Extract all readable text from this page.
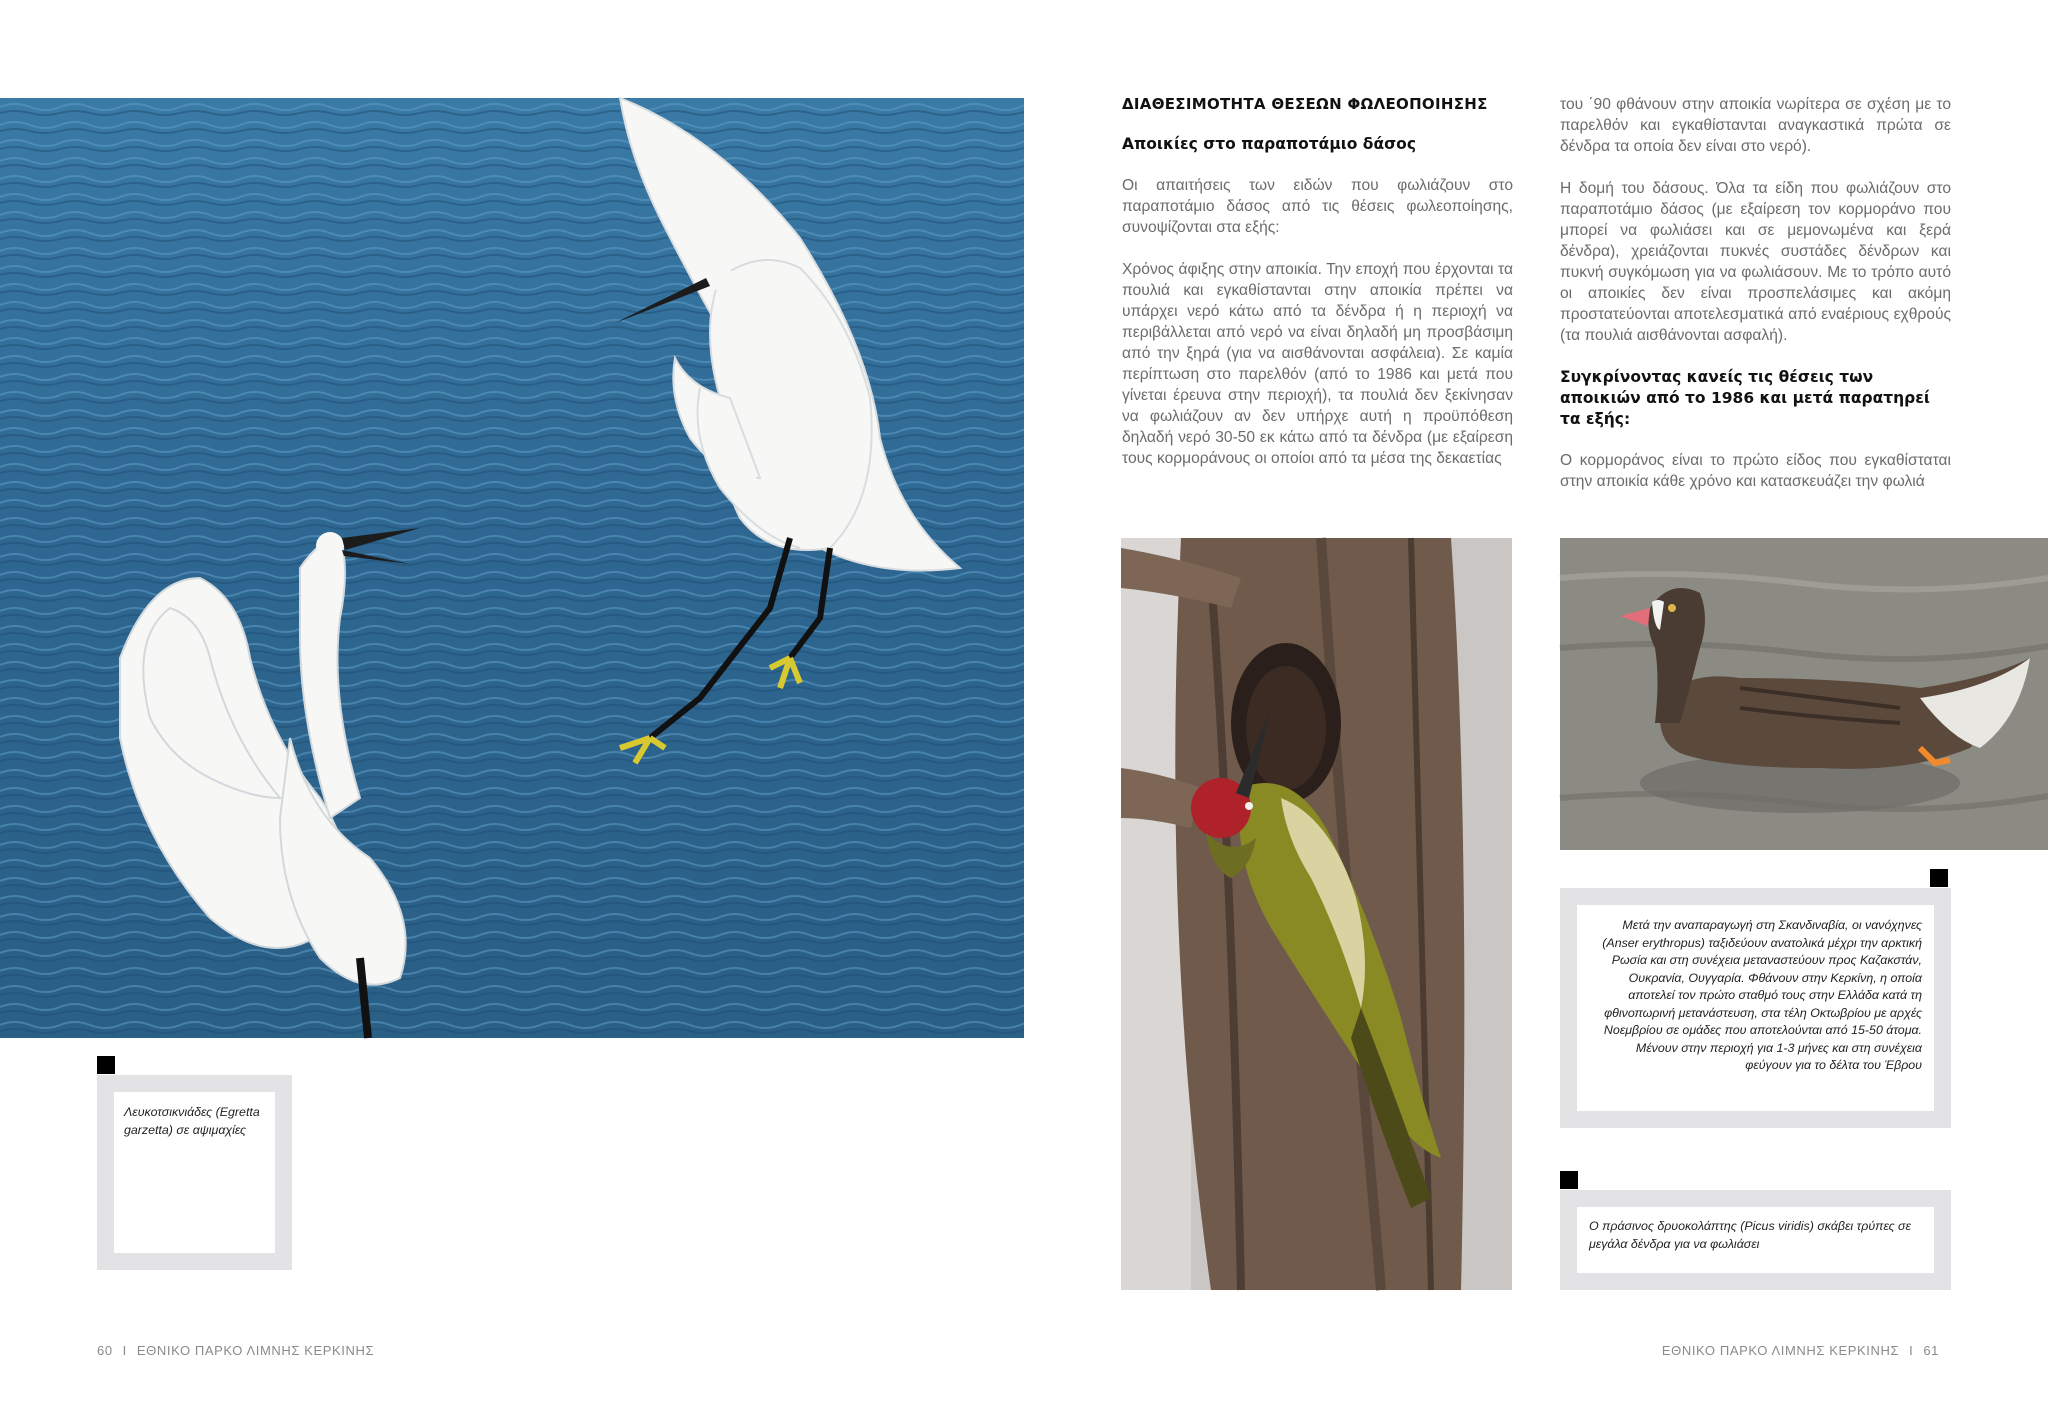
Λευκοτσικνιάδες (Egretta garzetta) σε αψιμαχίες
60 I ΕΘΝΙΚΟ ΠΑΡΚΟ ΛΙΜΝΗΣ ΚΕΡΚΙΝΗΣ
ΔΙΑΘΕΣΙΜΟΤΗΤΑ ΘΕΣΕΩΝ ΦΩΛΕΟΠΟΙΗΣΗΣ
Αποικίες στο παραποτάμιο δάσος

Οι απαιτήσεις των ειδών που φωλιάζουν στο παραποτάμιο δάσος από τις θέσεις φωλεοποίησης, συνοψίζονται στα εξής:

Χρόνος άφιξης στην αποικία. Την εποχή που έρχονται τα πουλιά και εγκαθίστανται στην αποικία πρέπει να υπάρχει νερό κάτω από τα δένδρα ή η περιοχή να περιβάλλεται από νερό να είναι δηλαδή μη προσβάσιμη από την ξηρά (για να αισθάνονται ασφάλεια). Σε καμία περίπτωση στο παρελθόν (από το 1986 και μετά που γίνεται έρευνα στην περιοχή), τα πουλιά δεν ξεκίνησαν να φωλιάζουν αν δεν υπήρχε αυτή η προϋπόθεση δηλαδή νερό 30-50 εκ κάτω από τα δένδρα (με εξαίρεση τους κορμοράνους οι οποίοι από τα μέσα της δεκαετίας

του ΄90 φθάνουν στην αποικία νωρίτερα σε σχέση με το παρελθόν και εγκαθίστανται αναγκαστικά πρώτα σε δένδρα τα οποία δεν είναι στο νερό).

Η δομή του δάσους. Όλα τα είδη που φωλιάζουν στο παραποτάμιο δάσος (με εξαίρεση τον κορμοράνο που μπορεί να φωλιάσει και σε μεμονωμένα και ξερά δένδρα), χρειάζονται πυκνές συστάδες δένδρων και πυκνή συγκόμωση για να φωλιάσουν. Με το τρόπο αυτό οι αποικίες δεν είναι προσπελάσιμες και ακόμη προστατεύονται αποτελεσματικά από εναέριους εχθρούς (τα πουλιά αισθάνονται ασφαλή).

Συγκρίνοντας κανείς τις θέσεις των αποικιών από το 1986 και μετά παρατηρεί τα εξής:

Ο κορμοράνος είναι το πρώτο είδος που εγκαθίσταται στην αποικία κάθε χρόνο και κατασκευάζει την φωλιά

Μετά την αναπαραγωγή στη Σκανδιναβία, οι νανόχηνες (Anser erythropus) ταξιδεύουν ανατολικά μέχρι την αρκτική Ρωσία και στη συνέχεια μεταναστεύουν προς Καζακστάν, Ουκρανία, Ουγγαρία. Φθάνουν στην Κερκίνη, η οποία αποτελεί τον πρώτο σταθμό τους στην Ελλάδα κατά τη φθινοπωρινή μετανάστευση, στα τέλη Οκτωβρίου με αρχές Νοεμβρίου σε ομάδες που αποτελούνται από 15-50 άτομα. Μένουν στην περιοχή για 1-3 μήνες και στη συνέχεια φεύγουν για το δέλτα του Έβρου
Ο πράσινος δρυοκολάπτης (Picus viridis) σκάβει τρύπες σε μεγάλα δένδρα για να φωλιάσει
ΕΘΝΙΚΟ ΠΑΡΚΟ ΛΙΜΝΗΣ ΚΕΡΚΙΝΗΣ I 61
